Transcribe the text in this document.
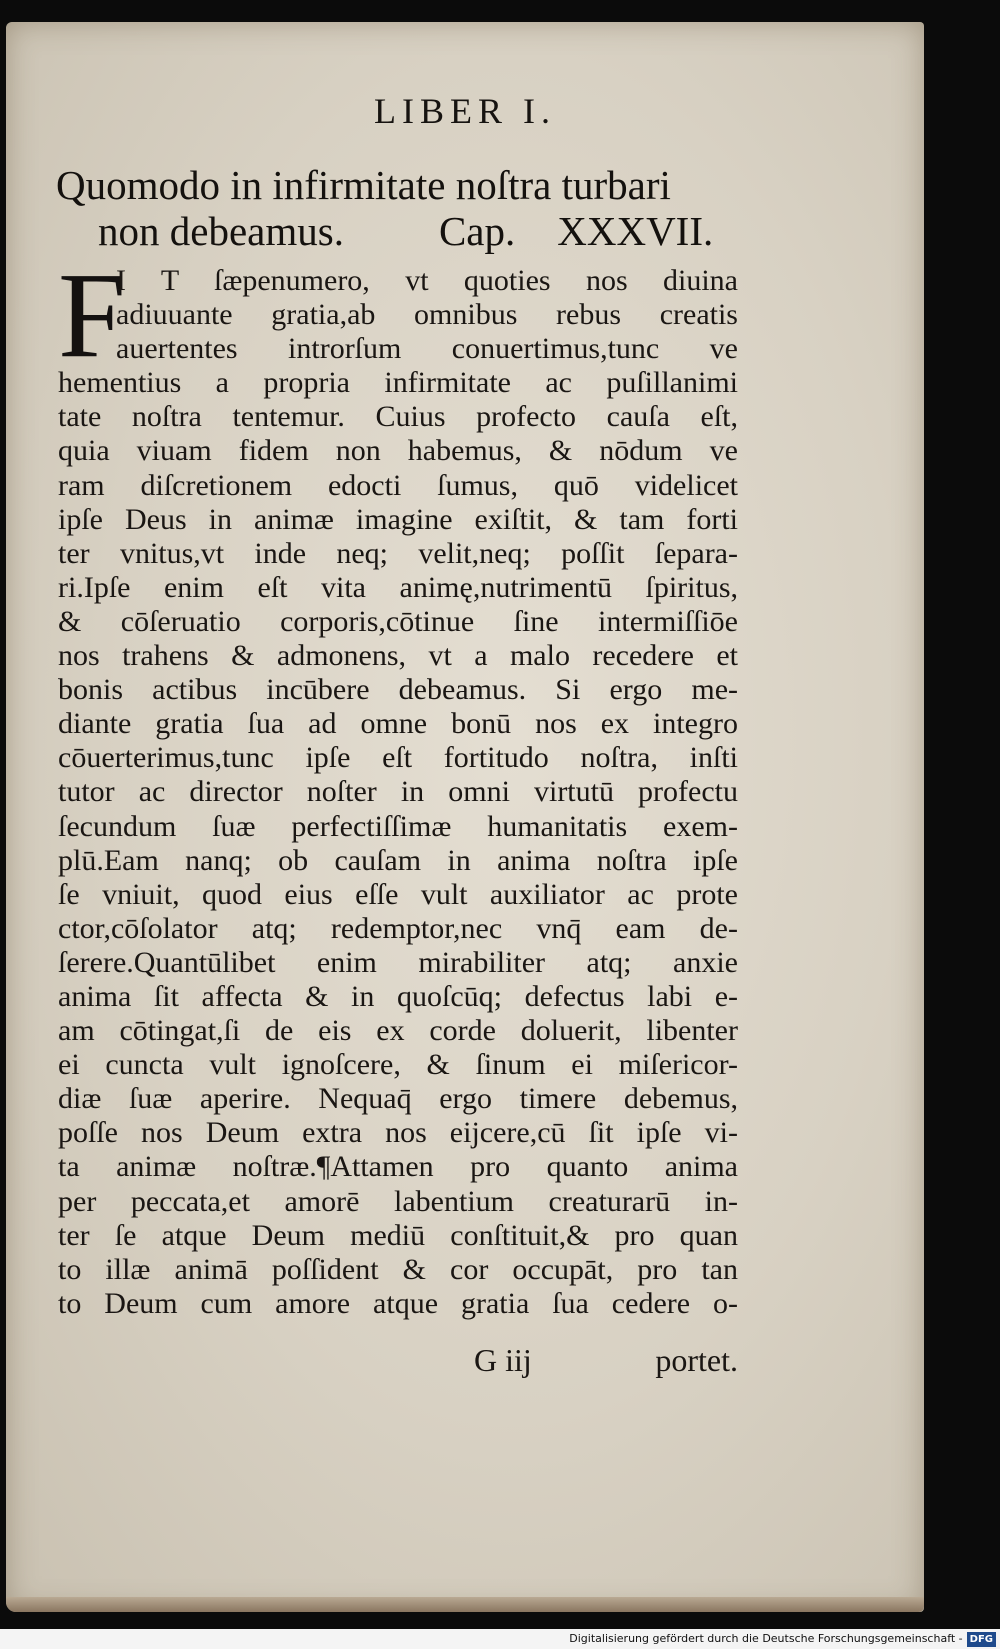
LIBER I.
Quomodo in infirmitate noſtra turbari
non debeamus. Cap. XXXVII.
F
I T ſæpenumero, vt quoties nos diuina
adiuuante gratia,ab omnibus rebus creatis
auertentes introrſum conuertimus,tunc ve
hementius a propria infirmitate ac puſillanimi
tate noſtra tentemur. Cuius profecto cauſa eſt,
quia viuam fidem non habemus, & nōdum ve
ram diſcretionem edocti ſumus, quō videlicet
ipſe Deus in animæ imagine exiſtit, & tam forti
ter vnitus,vt inde neq; velit,neq; poſſit ſepara-
ri.Ipſe enim eſt vita animę,nutrimentū ſpiritus,
& cōſeruatio corporis,cōtinue ſine intermiſſiōe
nos trahens & admonens, vt a malo recedere et
bonis actibus incūbere debeamus. Si ergo me-
diante gratia ſua ad omne bonū nos ex integro
cōuerterimus,tunc ipſe eſt fortitudo noſtra, inſti
tutor ac director noſter in omni virtutū profectu
ſecundum ſuæ perfectiſſimæ humanitatis exem-
plū.Eam nanq; ob cauſam in anima noſtra ipſe
ſe vniuit, quod eius eſſe vult auxiliator ac prote
ctor,cōſolator atq; redemptor,nec vnq̄ eam de-
ſerere.Quantūlibet enim mirabiliter atq; anxie
anima ſit affecta & in quoſcūq; defectus labi e-
am cōtingat,ſi de eis ex corde doluerit, libenter
ei cuncta vult ignoſcere, & ſinum ei miſericor-
diæ ſuæ aperire. Nequaq̄ ergo timere debemus,
poſſe nos Deum extra nos eijcere,cū ſit ipſe vi-
ta animæ noſtræ.¶Attamen pro quanto anima
per peccata,et amorē labentium creaturarū in-
ter ſe atque Deum mediū conſtituit,& pro quan
to illæ animā poſſident & cor occupāt, pro tan
to Deum cum amore atque gratia ſua cedere o-
G iij	portet.
Digitalisierung gefördert durch die Deutsche Forschungsgemeinschaft - DFG
